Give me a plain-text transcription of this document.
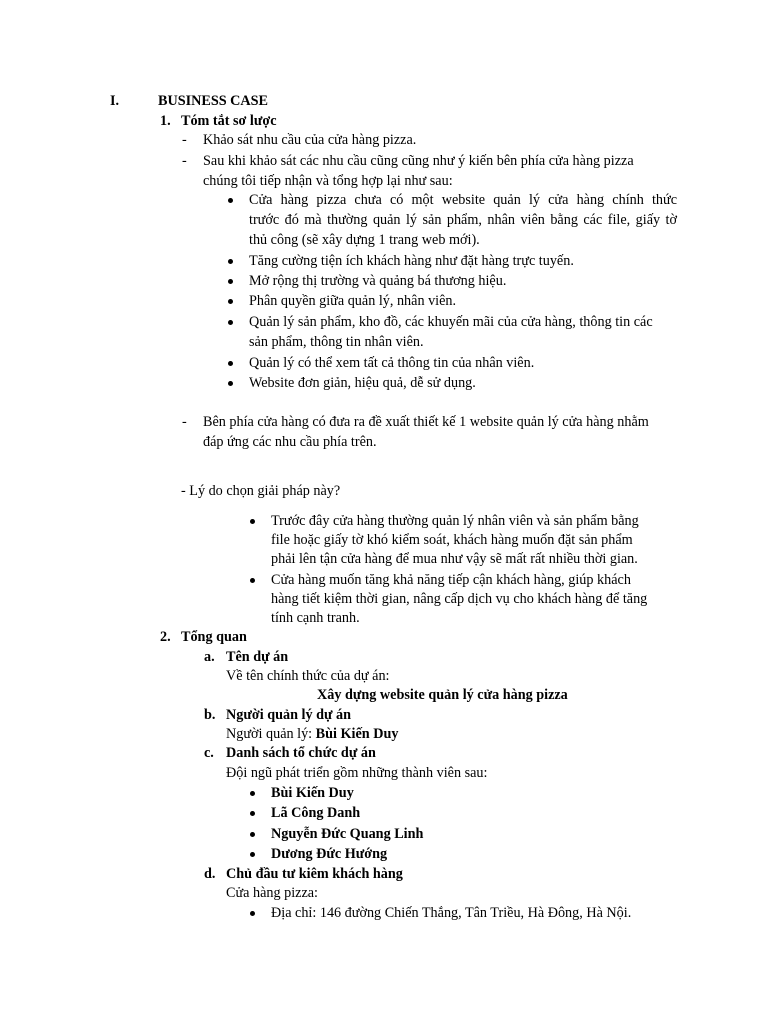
I.	BUSINESS CASE
1. Tóm tắt sơ lược
- Khảo sát nhu cầu của cửa hàng pizza.
- Sau khi khảo sát các nhu cầu cũng cũng như ý kiến bên phía cửa hàng pizza
chúng tôi tiếp nhận và tổng hợp lại như sau:
Cửa hàng pizza chưa có một website quản lý cửa hàng chính thức
trước đó mà thường quản lý sản phẩm, nhân viên bằng các file, giấy tờ
thủ công (sẽ xây dựng 1 trang web mới).
Tăng cường tiện ích khách hàng như đặt hàng trực tuyến.
Mở rộng thị trường và quảng bá thương hiệu.
Phân quyền giữa quản lý, nhân viên.
Quản lý sản phẩm, kho đồ, các khuyến mãi của cửa hàng, thông tin các
sản phẩm, thông tin nhân viên.
Quản lý có thể xem tất cả thông tin của nhân viên.
Website đơn giản, hiệu quả, dễ sử dụng.
- Bên phía cửa hàng có đưa ra đề xuất thiết kế 1 website quản lý cửa hàng nhằm
đáp ứng các nhu cầu phía trên.
- Lý do chọn giải pháp này?
Trước đây cửa hàng thường quản lý nhân viên và sản phẩm bằng
file hoặc giấy tờ khó kiểm soát, khách hàng muốn đặt sản phẩm
phải lên tận cửa hàng để mua như vậy sẽ mất rất nhiều thời gian.
Cửa hàng muốn tăng khả năng tiếp cận khách hàng, giúp khách
hàng tiết kiệm thời gian, nâng cấp dịch vụ cho khách hàng để tăng
tính cạnh tranh.
2. Tổng quan
a. Tên dự án
Về tên chính thức của dự án:
Xây dựng website quản lý cửa hàng pizza
b. Người quản lý dự án
Người quản lý: Bùi Kiến Duy
c. Danh sách tổ chức dự án
Đội ngũ phát triển gồm những thành viên sau:
Bùi Kiến Duy
Lã Công Danh
Nguyễn Đức Quang Linh
Dương Đức Hướng
d. Chủ đầu tư kiêm khách hàng
Cửa hàng pizza:
Địa chỉ: 146 đường Chiến Thắng, Tân Triều, Hà Đông, Hà Nội.
